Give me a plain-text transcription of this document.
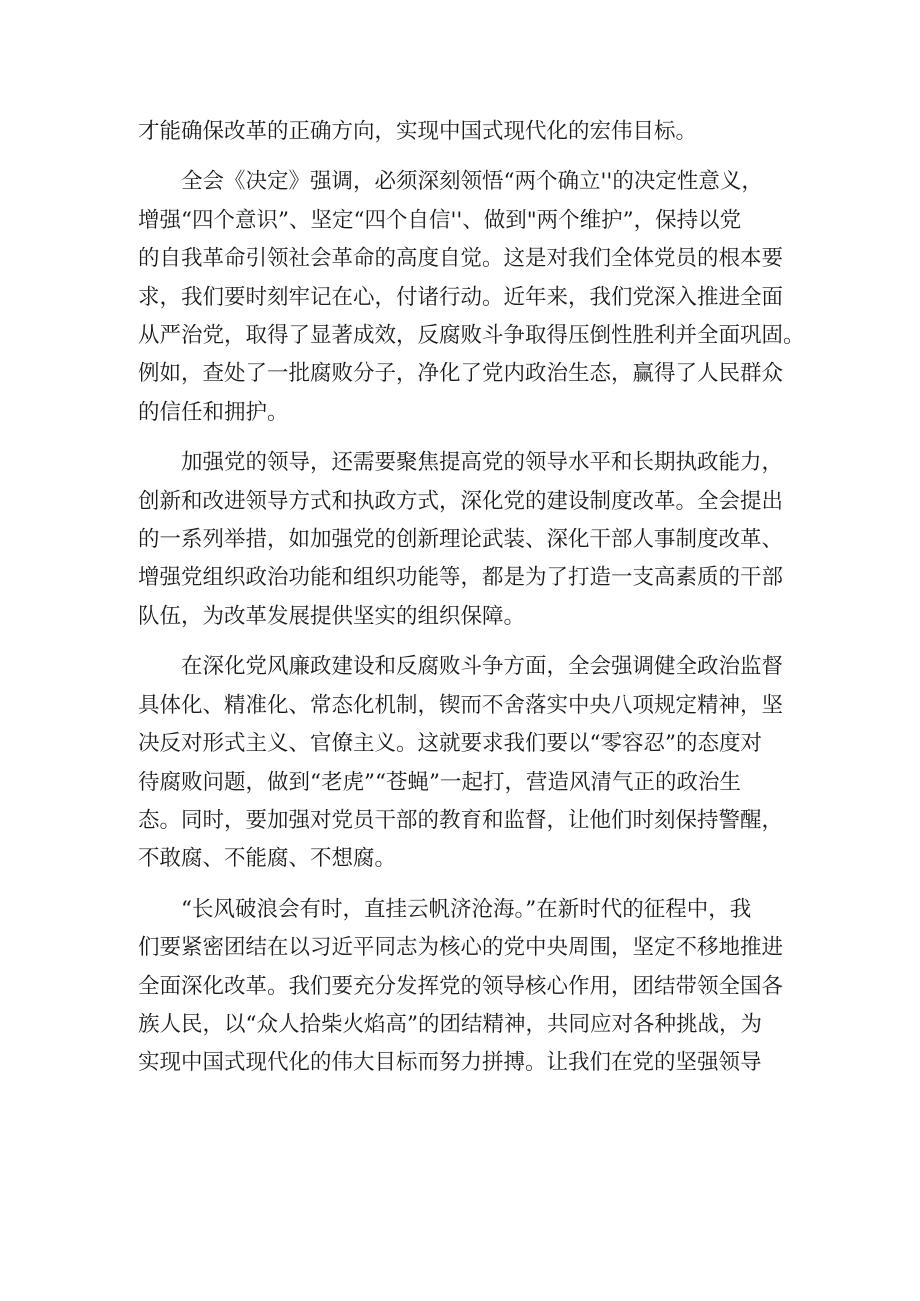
才能确保改革的正确方向，实现中国式现代化的宏伟目标。

全会《决定》强调，必须深刻领悟“两个确立''的决定性意义，
增强“四个意识”、坚定“四个自信''、做到"两个维护”，保持以党
的自我革命引领社会革命的高度自觉。这是对我们全体党员的根本要
求，我们要时刻牢记在心，付诸行动。近年来，我们党深入推进全面
从严治党，取得了显著成效，反腐败斗争取得压倒性胜利并全面巩固。
例如，查处了一批腐败分子，净化了党内政治生态，赢得了人民群众
的信任和拥护。

加强党的领导，还需要聚焦提高党的领导水平和长期执政能力，
创新和改进领导方式和执政方式，深化党的建设制度改革。全会提出
的一系列举措，如加强党的创新理论武装、深化干部人事制度改革、
增强党组织政治功能和组织功能等，都是为了打造一支高素质的干部
队伍，为改革发展提供坚实的组织保障。

在深化党风廉政建设和反腐败斗争方面，全会强调健全政治监督
具体化、精准化、常态化机制，锲而不舍落实中央八项规定精神，坚
决反对形式主义、官僚主义。这就要求我们要以“零容忍”的态度对
待腐败问题，做到“老虎”“苍蝇”一起打，营造风清气正的政治生
态。同时，要加强对党员干部的教育和监督，让他们时刻保持警醒，
不敢腐、不能腐、不想腐。

“长风破浪会有时，直挂云帆济沧海。”在新时代的征程中，我
们要紧密团结在以习近平同志为核心的党中央周围，坚定不移地推进
全面深化改革。我们要充分发挥党的领导核心作用，团结带领全国各
族人民，以“众人拾柴火焰高”的团结精神，共同应对各种挑战，为
实现中国式现代化的伟大目标而努力拼搏。让我们在党的坚强领导
